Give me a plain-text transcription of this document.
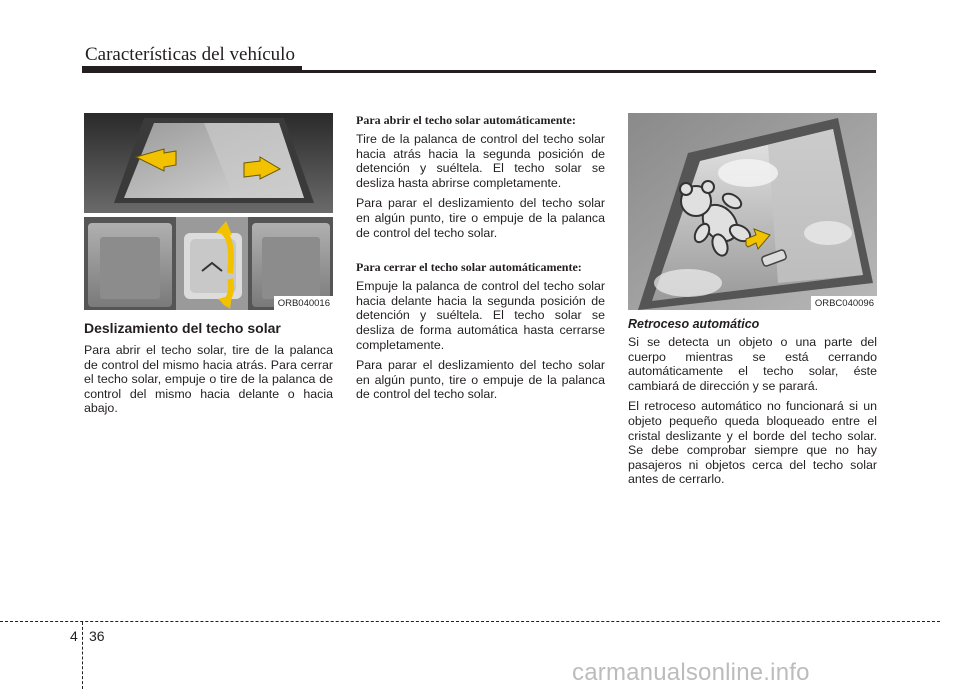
Características del vehículo
ORB040016
Deslizamiento del techo solar

Para abrir el techo solar, tire de la palanca de control del mismo hacia atrás. Para cerrar el techo solar, empuje o tire de la palanca de control del mismo hacia delante o hacia abajo.

Para abrir el techo solar automáticamente:

Tire de la palanca de control del techo solar hacia atrás hacia la segunda posición de detención y suéltela. El techo solar se desliza hasta abrirse completamente.

Para parar el deslizamiento del techo solar en algún punto, tire o empuje de la palanca de control del techo solar.

Para cerrar el techo solar automáticamente:

Empuje la palanca de control del techo solar hacia delante hacia la segunda posición de detención y suéltela. El techo solar se desliza de forma automática hasta cerrarse completamente.

Para parar el deslizamiento del techo solar en algún punto, tire o empuje de la palanca de control del techo solar.

ORBC040096
Retroceso automático

Si se detecta un objeto o una parte del cuerpo mientras se está cerrando automáticamente el techo solar, éste cambiará de dirección y se parará.

El retroceso automático no funcionará si un objeto pequeño queda bloqueado entre el cristal deslizante y el borde del techo solar. Se debe comprobar siempre que no hay pasajeros ni objetos cerca del techo solar antes de cerrarlo.

4 36
carmanualsonline.info
